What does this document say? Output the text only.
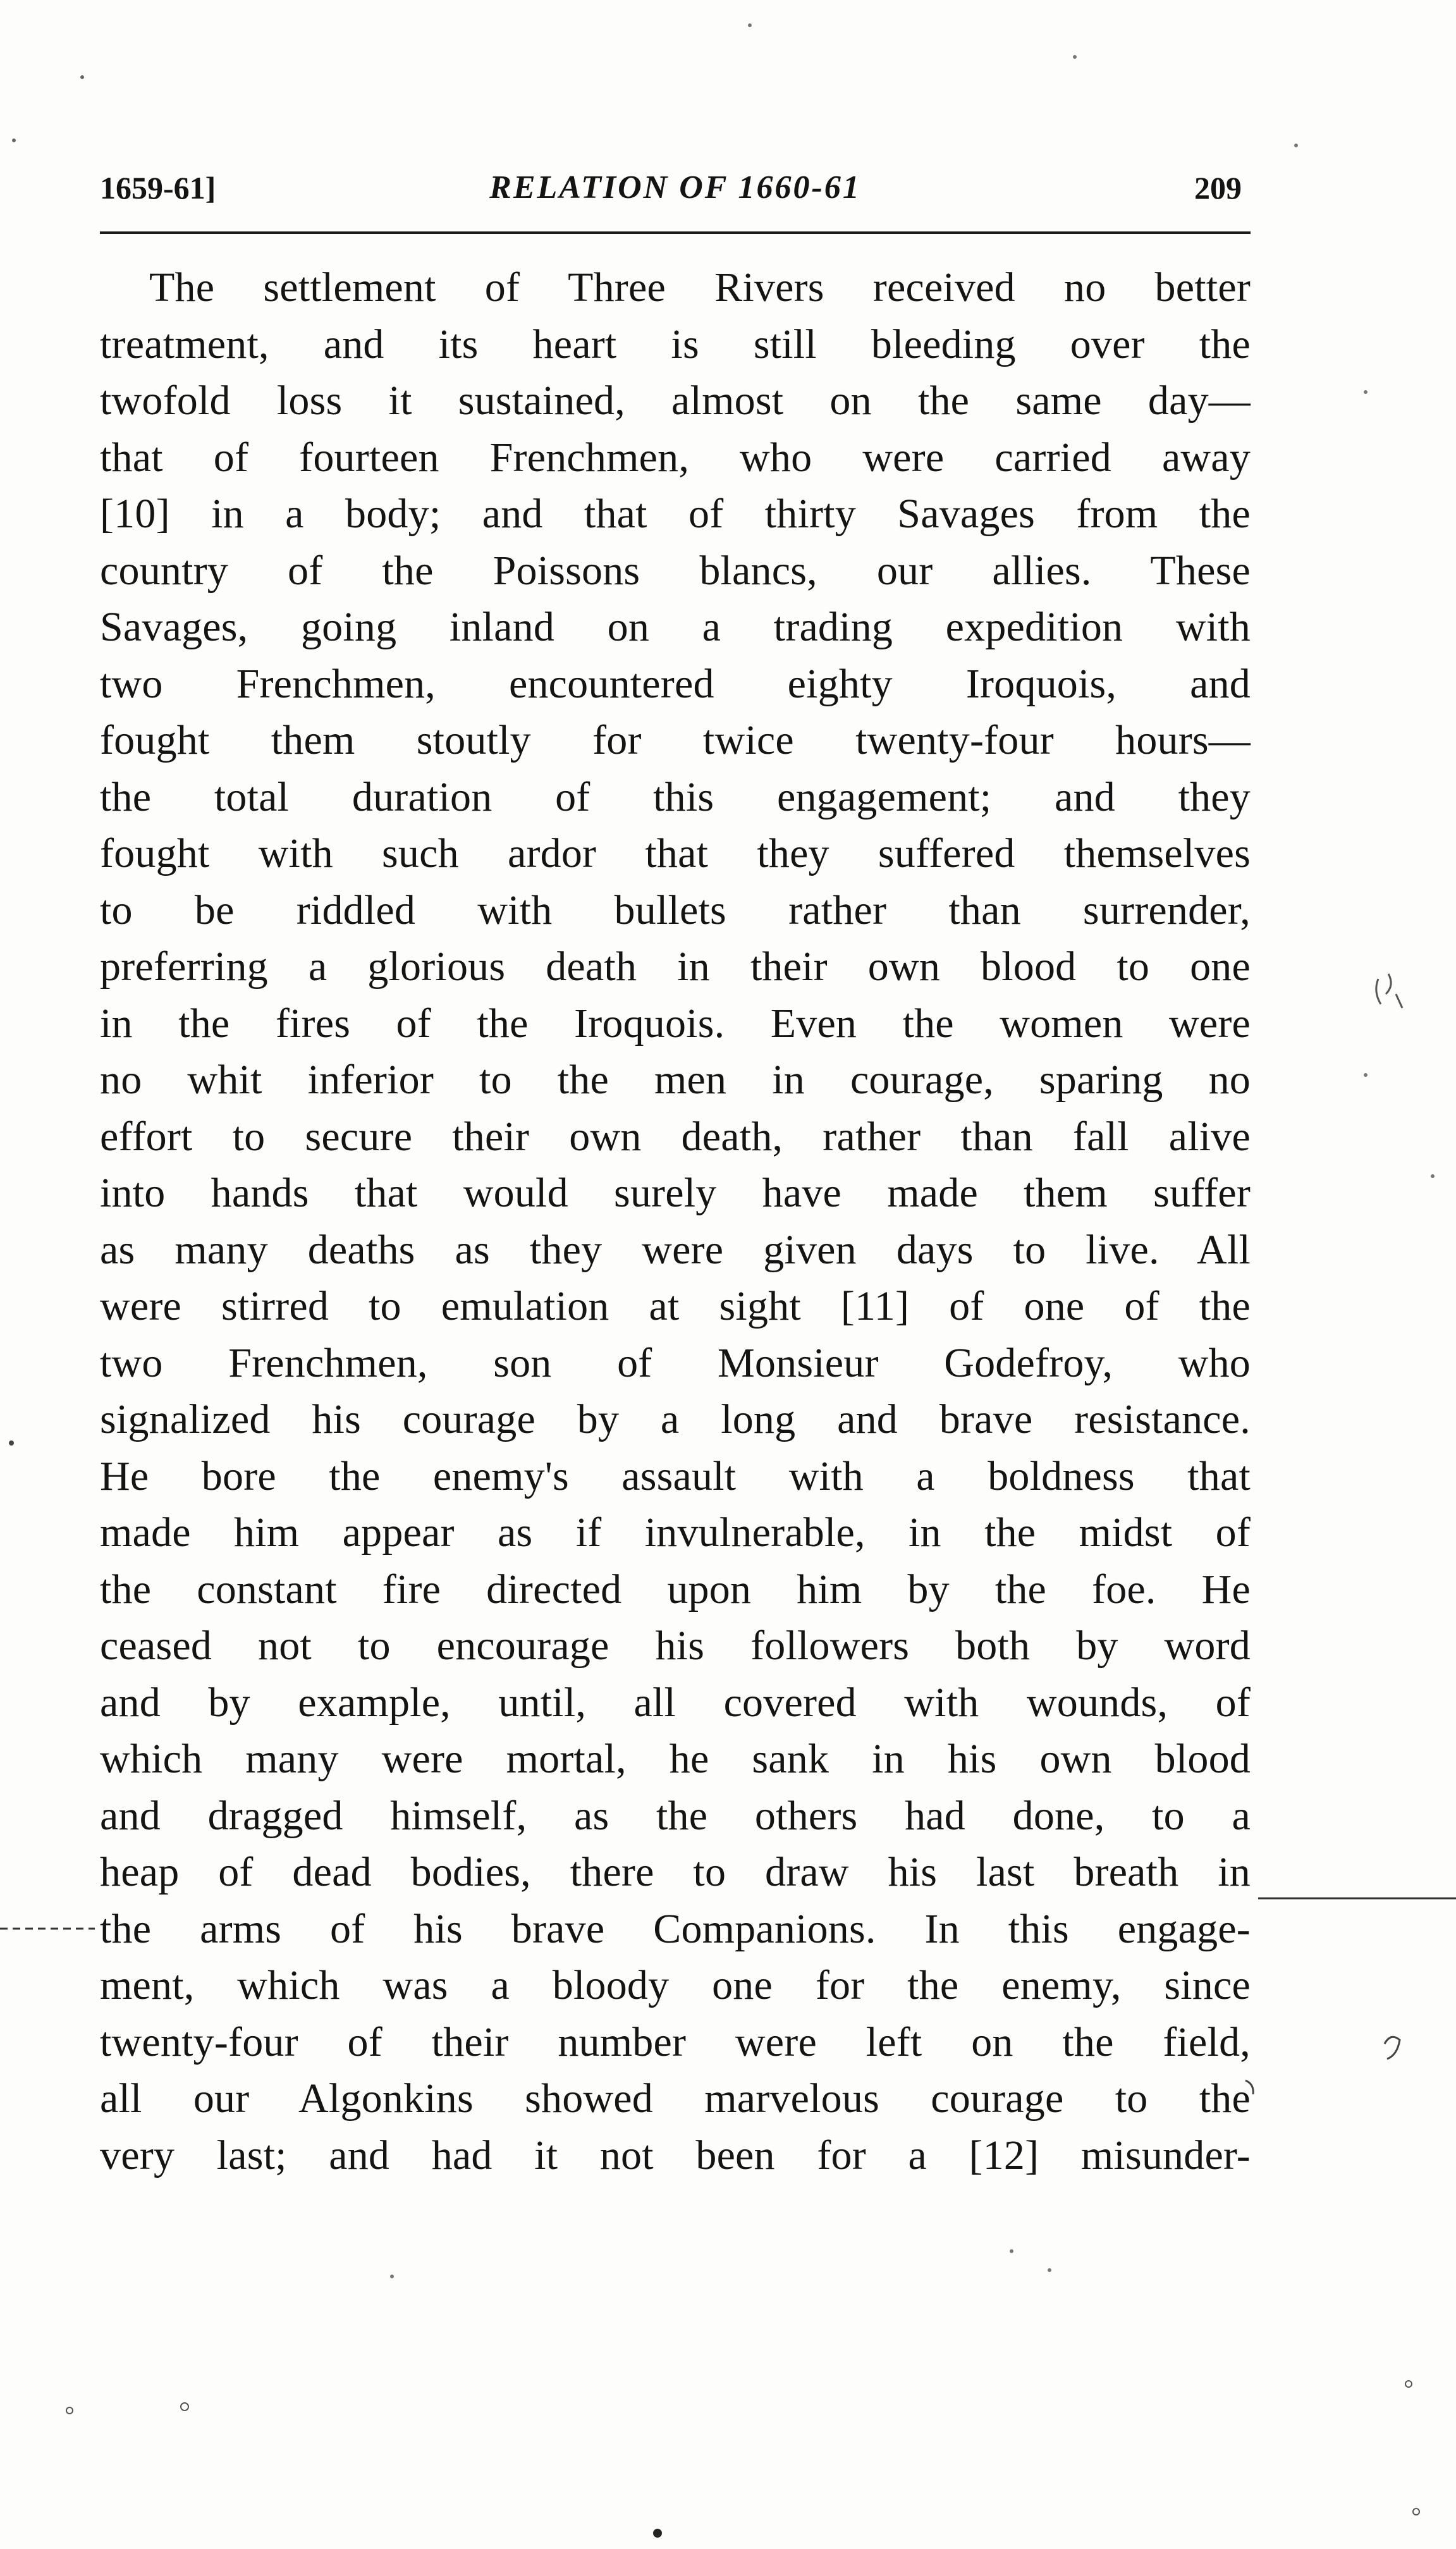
1659-61]	RELATION OF 1660-61	209
The settlement of Three Rivers received no better
treatment, and its heart is still bleeding over the
twofold loss it sustained, almost on the same day—
that of fourteen Frenchmen, who were carried away
[10] in a body; and that of thirty Savages from the
country of the Poissons blancs, our allies. These
Savages, going inland on a trading expedition with
two Frenchmen, encountered eighty Iroquois, and
fought them stoutly for twice twenty-four hours—
the total duration of this engagement; and they
fought with such ardor that they suffered themselves
to be riddled with bullets rather than surrender,
preferring a glorious death in their own blood to one
in the fires of the Iroquois. Even the women were
no whit inferior to the men in courage, sparing no
effort to secure their own death, rather than fall alive
into hands that would surely have made them suffer
as many deaths as they were given days to live. All
were stirred to emulation at sight [11] of one of the
two Frenchmen, son of Monsieur Godefroy, who
signalized his courage by a long and brave resistance.
He bore the enemy's assault with a boldness that
made him appear as if invulnerable, in the midst of
the constant fire directed upon him by the foe. He
ceased not to encourage his followers both by word
and by example, until, all covered with wounds, of
which many were mortal, he sank in his own blood
and dragged himself, as the others had done, to a
heap of dead bodies, there to draw his last breath in
the arms of his brave Companions. In this engage-
ment, which was a bloody one for the enemy, since
twenty-four of their number were left on the field,
all our Algonkins showed marvelous courage to the
very last; and had it not been for a [12] misunder-
